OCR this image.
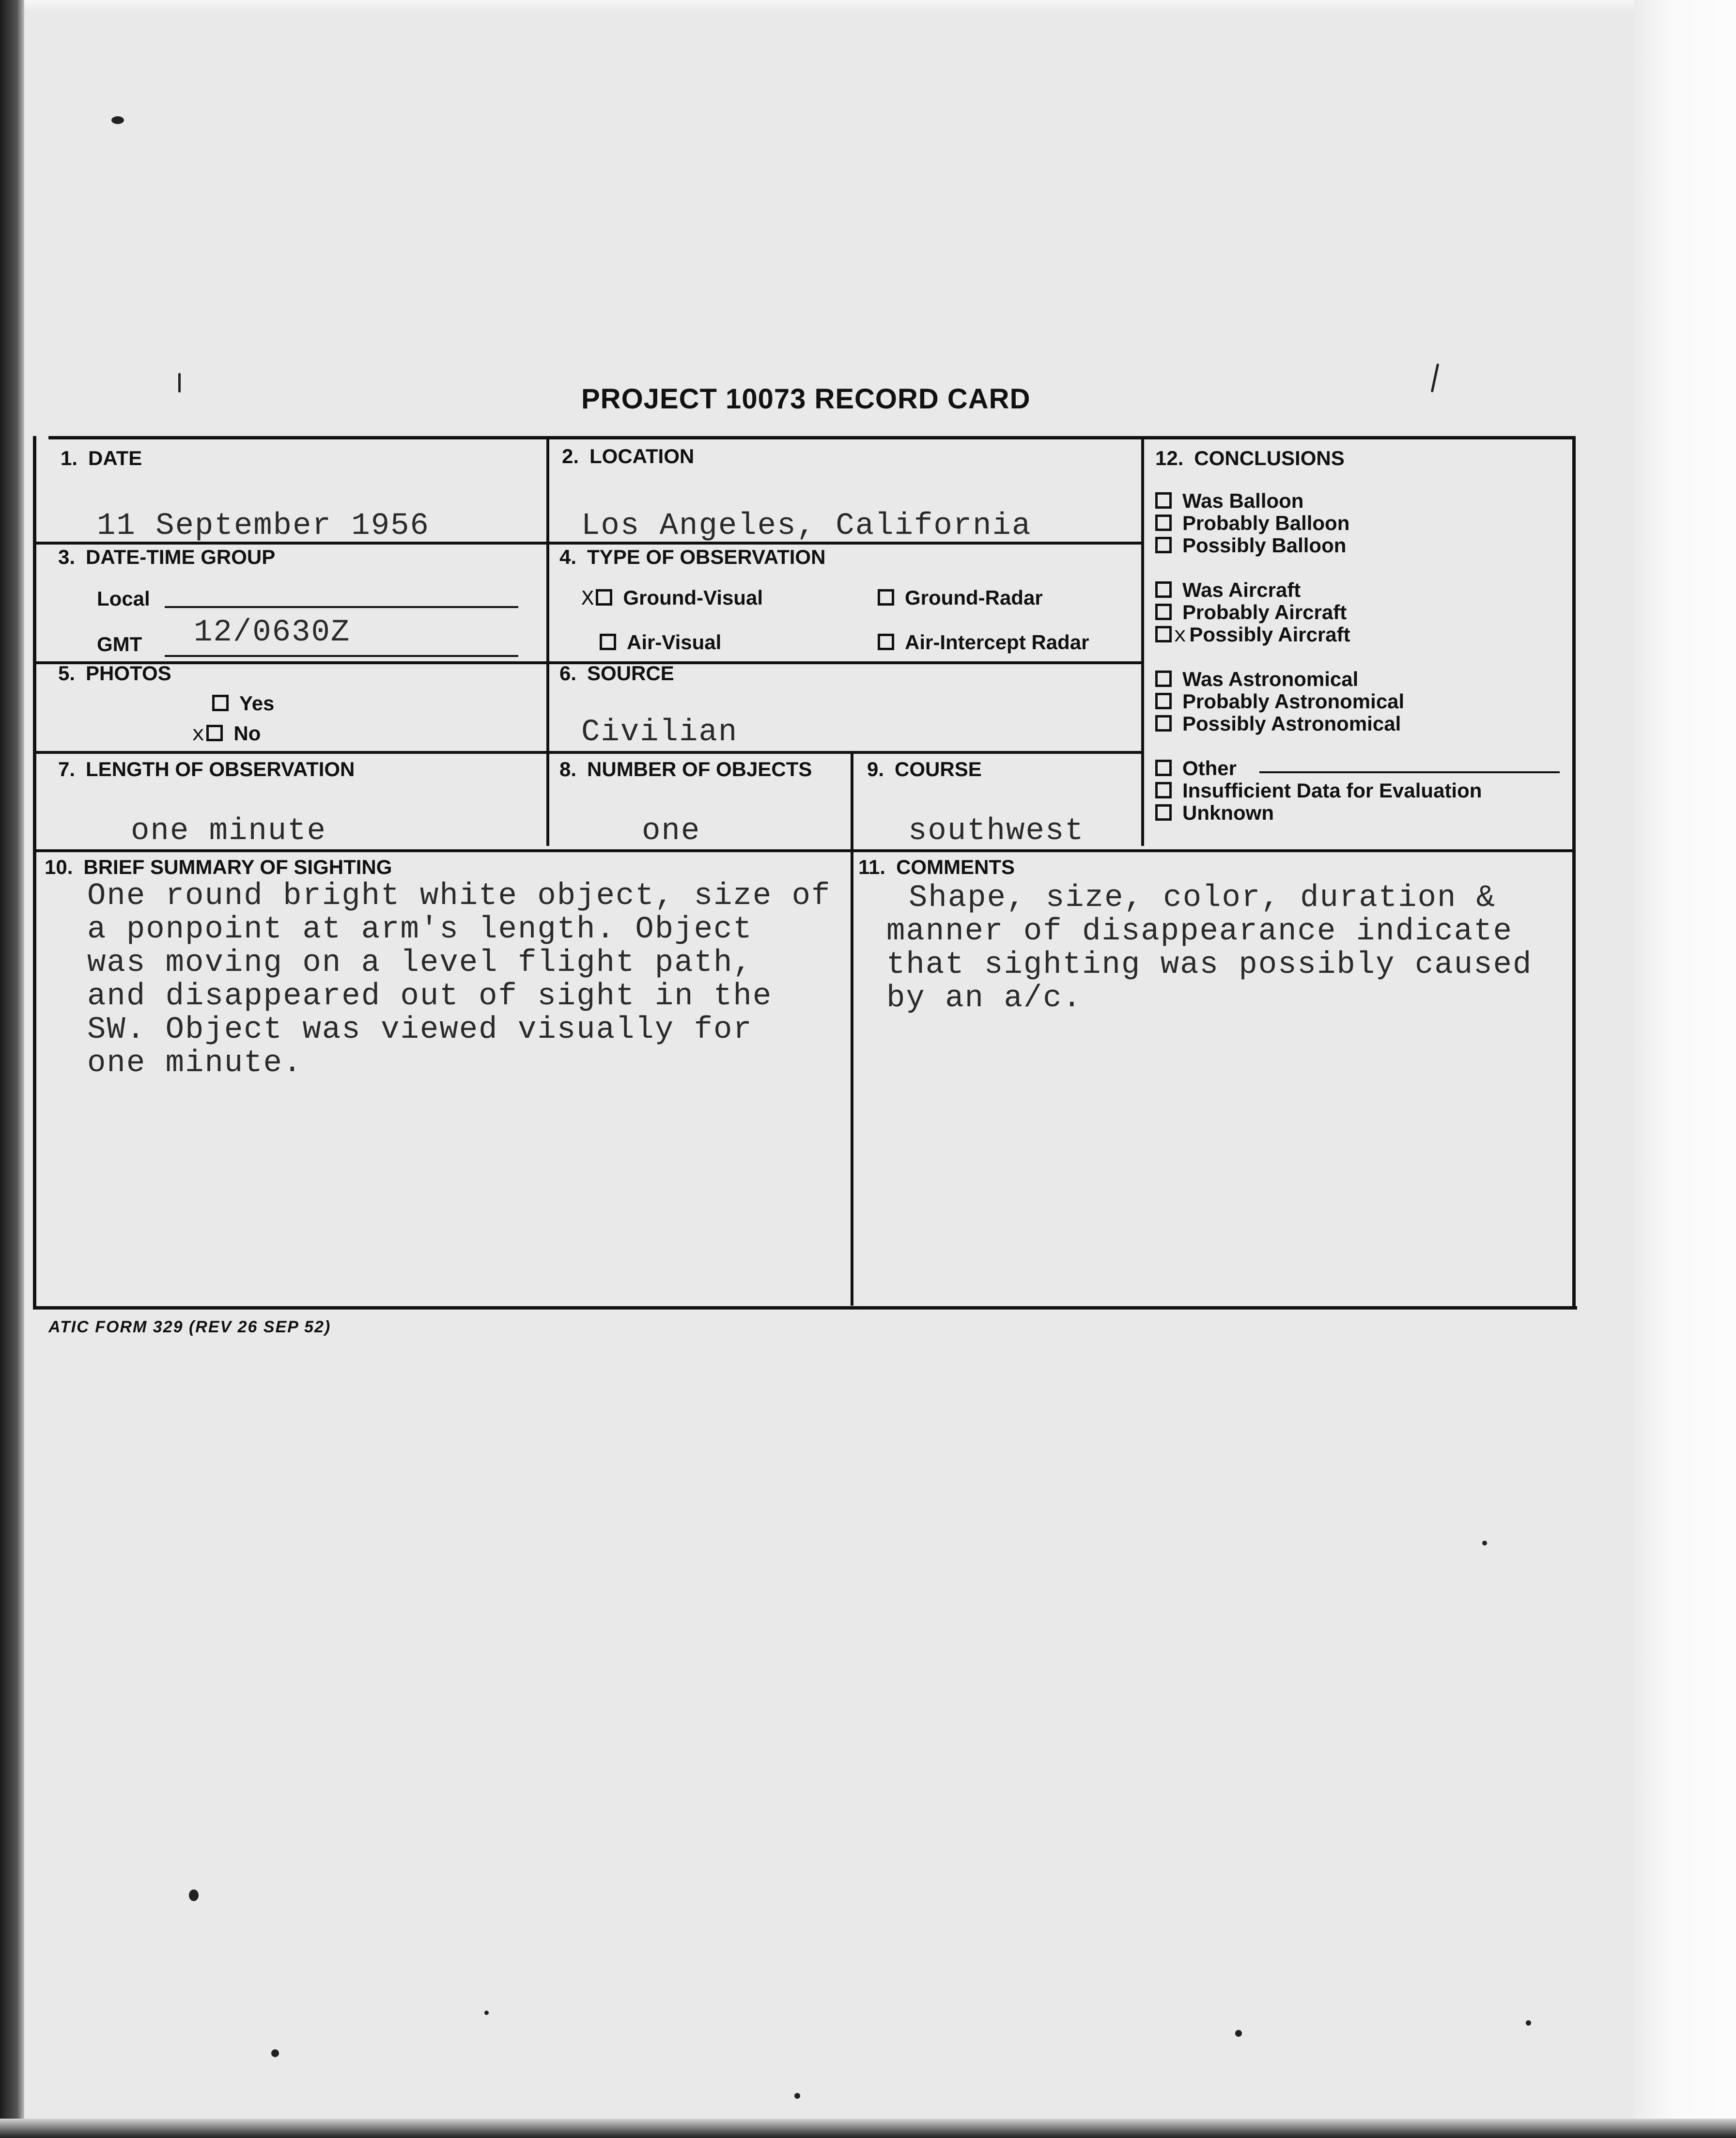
PROJECT 10073 RECORD CARD
1. DATE
11 September 1956
2. LOCATION
Los Angeles, California
3. DATE-TIME GROUP
Local
GMT 12/0630Z
4. TYPE OF OBSERVATION
X Ground-Visual	Ground-Radar
Air-Visual	Air-Intercept Radar
5. PHOTOS
Yes
x No
6. SOURCE
Civilian
7. LENGTH OF OBSERVATION
one minute
8. NUMBER OF OBJECTS
one
9. COURSE
southwest
10. BRIEF SUMMARY OF SIGHTING
One round bright white object, size of
a ponpoint at arm's length. Object
was moving on a level flight path,
and disappeared out of sight in the
SW. Object was viewed visually for
one minute.
11. COMMENTS
Shape, size, color, duration &
manner of disappearance indicate
that sighting was possibly caused
by an a/c.
12. CONCLUSIONS
Was Balloon
Probably Balloon
Possibly Balloon
Was Aircraft
Probably Aircraft
x Possibly Aircraft
Was Astronomical
Probably Astronomical
Possibly Astronomical
Other
Insufficient Data for Evaluation
Unknown
ATIC FORM 329 (REV 26 SEP 52)
